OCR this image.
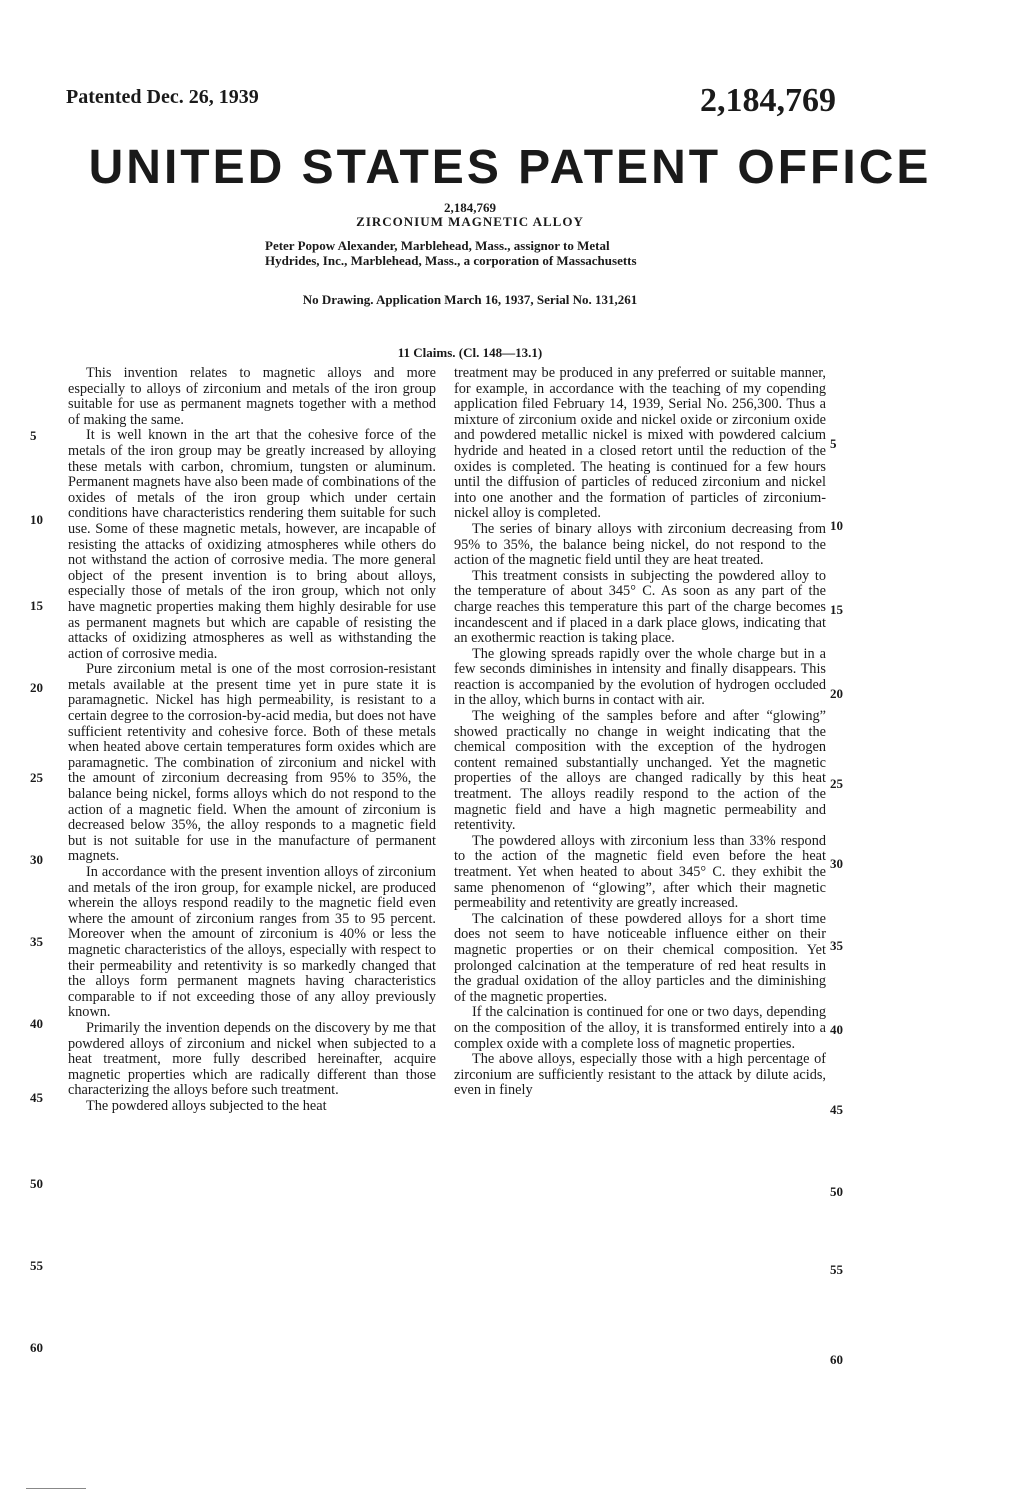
Patented Dec. 26, 1939	2,184,769
UNITED STATES PATENT OFFICE
2,184,769
ZIRCONIUM MAGNETIC ALLOY
Peter Popow Alexander, Marblehead, Mass., assignor to Metal Hydrides, Inc., Marblehead, Mass., a corporation of Massachusetts
No Drawing. Application March 16, 1937, Serial No. 131,261
11 Claims. (Cl. 148—13.1)

This invention relates to magnetic alloys and more especially to alloys of zirconium and metals of the iron group suitable for use as permanent magnets together with a method of making the same.

It is well known in the art that the cohesive force of the metals of the iron group may be greatly increased by alloying these metals with carbon, chromium, tungsten or aluminum. Permanent magnets have also been made of combinations of the oxides of metals of the iron group which under certain conditions have characteristics rendering them suitable for such use. Some of these magnetic metals, however, are incapable of resisting the attacks of oxidizing atmospheres while others do not withstand the action of corrosive media. The more general object of the present invention is to bring about alloys, especially those of metals of the iron group, which not only have magnetic properties making them highly desirable for use as permanent magnets but which are capable of resisting the attacks of oxidizing atmospheres as well as withstanding the action of corrosive media.

Pure zirconium metal is one of the most corrosion-resistant metals available at the present time yet in pure state it is paramagnetic. Nickel has high permeability, is resistant to a certain degree to the corrosion-by-acid media, but does not have sufficient retentivity and cohesive force. Both of these metals when heated above certain temperatures form oxides which are paramagnetic. The combination of zirconium and nickel with the amount of zirconium decreasing from 95% to 35%, the balance being nickel, forms alloys which do not respond to the action of a magnetic field. When the amount of zirconium is decreased below 35%, the alloy responds to a magnetic field but is not suitable for use in the manufacture of permanent magnets.

In accordance with the present invention alloys of zirconium and metals of the iron group, for example nickel, are produced wherein the alloys respond readily to the magnetic field even where the amount of zirconium ranges from 35 to 95 percent. Moreover when the amount of zirconium is 40% or less the magnetic characteristics of the alloys, especially with respect to their permeability and retentivity is so markedly changed that the alloys form permanent magnets having characteristics comparable to if not exceeding those of any alloy previously known.

Primarily the invention depends on the discovery by me that powdered alloys of zirconium and nickel when subjected to a heat treatment, more fully described hereinafter, acquire magnetic properties which are radically different than those characterizing the alloys before such treatment.

The powdered alloys subjected to the heat

treatment may be produced in any preferred or suitable manner, for example, in accordance with the teaching of my copending application filed February 14, 1939, Serial No. 256,300. Thus a mixture of zirconium oxide and nickel oxide or zirconium oxide and powdered metallic nickel is mixed with powdered calcium hydride and heated in a closed retort until the reduction of the oxides is completed. The heating is continued for a few hours until the diffusion of particles of reduced zirconium and nickel into one another and the formation of particles of zirconium-nickel alloy is completed.

The series of binary alloys with zirconium decreasing from 95% to 35%, the balance being nickel, do not respond to the action of the magnetic field until they are heat treated.

This treatment consists in subjecting the powdered alloy to the temperature of about 345° C. As soon as any part of the charge reaches this temperature this part of the charge becomes incandescent and if placed in a dark place glows, indicating that an exothermic reaction is taking place.

The glowing spreads rapidly over the whole charge but in a few seconds diminishes in intensity and finally disappears. This reaction is accompanied by the evolution of hydrogen occluded in the alloy, which burns in contact with air.

The weighing of the samples before and after “glowing” showed practically no change in weight indicating that the chemical composition with the exception of the hydrogen content remained substantially unchanged. Yet the magnetic properties of the alloys are changed radically by this heat treatment. The alloys readily respond to the action of the magnetic field and have a high magnetic permeability and retentivity.

The powdered alloys with zirconium less than 33% respond to the action of the magnetic field even before the heat treatment. Yet when heated to about 345° C. they exhibit the same phenomenon of “glowing”, after which their magnetic permeability and retentivity are greatly increased.

The calcination of these powdered alloys for a short time does not seem to have noticeable influence either on their magnetic properties or on their chemical composition. Yet prolonged calcination at the temperature of red heat results in the gradual oxidation of the alloy particles and the diminishing of the magnetic properties.

If the calcination is continued for one or two days, depending on the composition of the alloy, it is transformed entirely into a complex oxide with a complete loss of magnetic properties.

The above alloys, especially those with a high percentage of zirconium are sufficiently resistant to the attack by dilute acids, even in finely

5
10
15
20
25
30
35
40
45
50
55
60
5
10
15
20
25
30
35
40
45
50
55
60
